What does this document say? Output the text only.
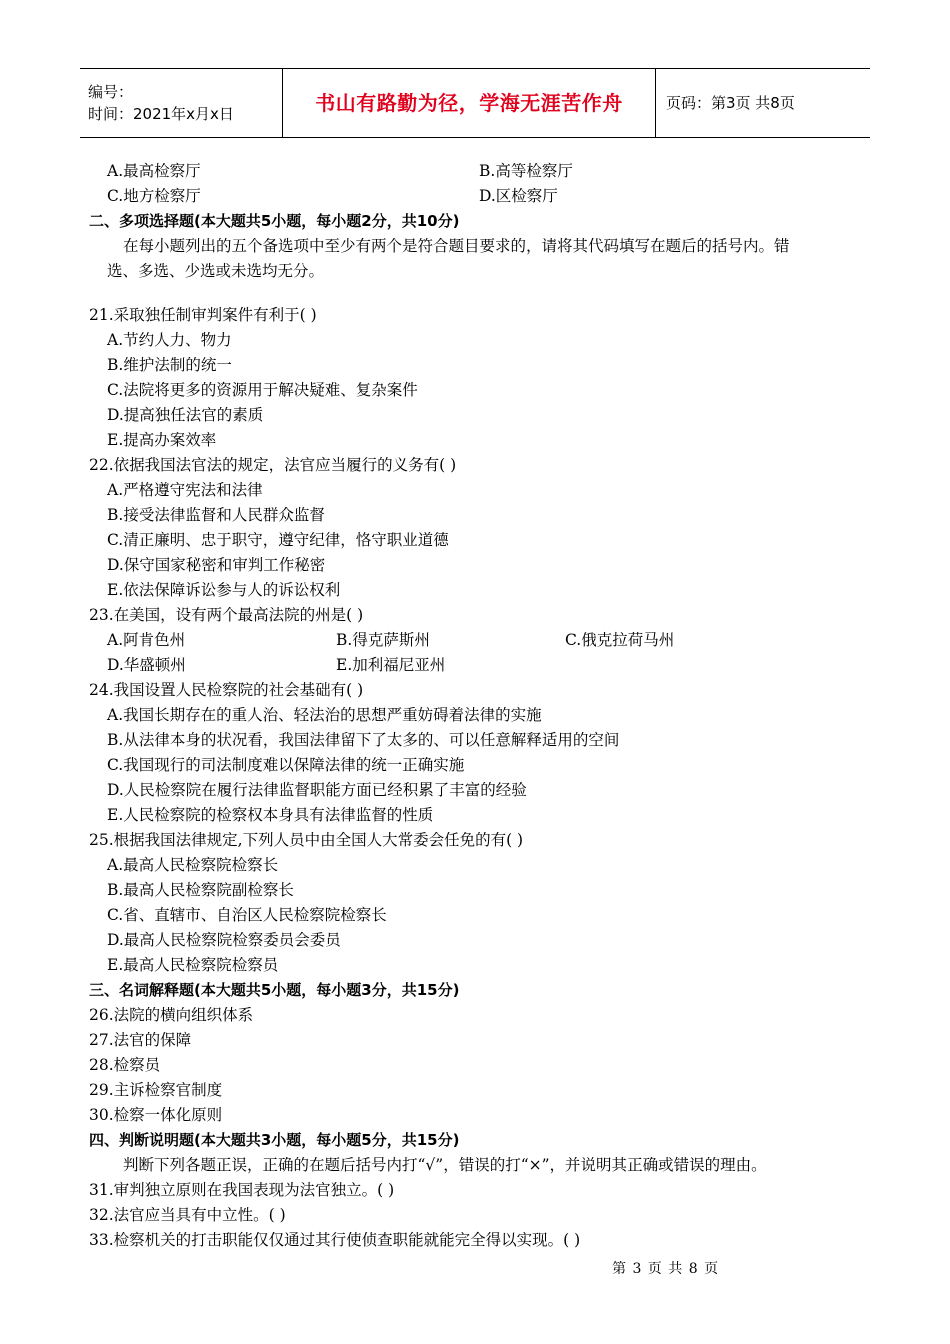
编号：
时间：2021年x月x日	书山有路勤为径，学海无涯苦作舟	页码：第3页 共8页
A.最高检察厅	B.高等检察厅
C.地方检察厅	D.区检察厅
二、多项选择题(本大题共5小题，每小题2分，共10分)
在每小题列出的五个备选项中至少有两个是符合题目要求的，请将其代码填写在题后的括号内。错
选、多选、少选或未选均无分。
21.采取独任制审判案件有利于( )
A.节约人力、物力
B.维护法制的统一
C.法院将更多的资源用于解决疑难、复杂案件
D.提高独任法官的素质
E.提高办案效率
22.依据我国法官法的规定，法官应当履行的义务有( )
A.严格遵守宪法和法律
B.接受法律监督和人民群众监督
C.清正廉明、忠于职守，遵守纪律，恪守职业道德
D.保守国家秘密和审判工作秘密
E.依法保障诉讼参与人的诉讼权利
23.在美国，设有两个最高法院的州是( )
A.阿肯色州	B.得克萨斯州	C.俄克拉荷马州
D.华盛顿州	E.加利福尼亚州
24.我国设置人民检察院的社会基础有( )
A.我国长期存在的重人治、轻法治的思想严重妨碍着法律的实施
B.从法律本身的状况看，我国法律留下了太多的、可以任意解释适用的空间
C.我国现行的司法制度难以保障法律的统一正确实施
D.人民检察院在履行法律监督职能方面已经积累了丰富的经验
E.人民检察院的检察权本身具有法律监督的性质
25.根据我国法律规定,下列人员中由全国人大常委会任免的有( )
A.最高人民检察院检察长
B.最高人民检察院副检察长
C.省、直辖市、自治区人民检察院检察长
D.最高人民检察院检察委员会委员
E.最高人民检察院检察员
三、名词解释题(本大题共5小题，每小题3分，共15分)
26.法院的横向组织体系
27.法官的保障
28.检察员
29.主诉检察官制度
30.检察一体化原则
四、判断说明题(本大题共3小题，每小题5分，共15分)
判断下列各题正误，正确的在题后括号内打“√”，错误的打“×”，并说明其正确或错误的理由。
31.审判独立原则在我国表现为法官独立。( )
32.法官应当具有中立性。( )
33.检察机关的打击职能仅仅通过其行使侦查职能就能完全得以实现。( )
第 3 页 共 8 页
